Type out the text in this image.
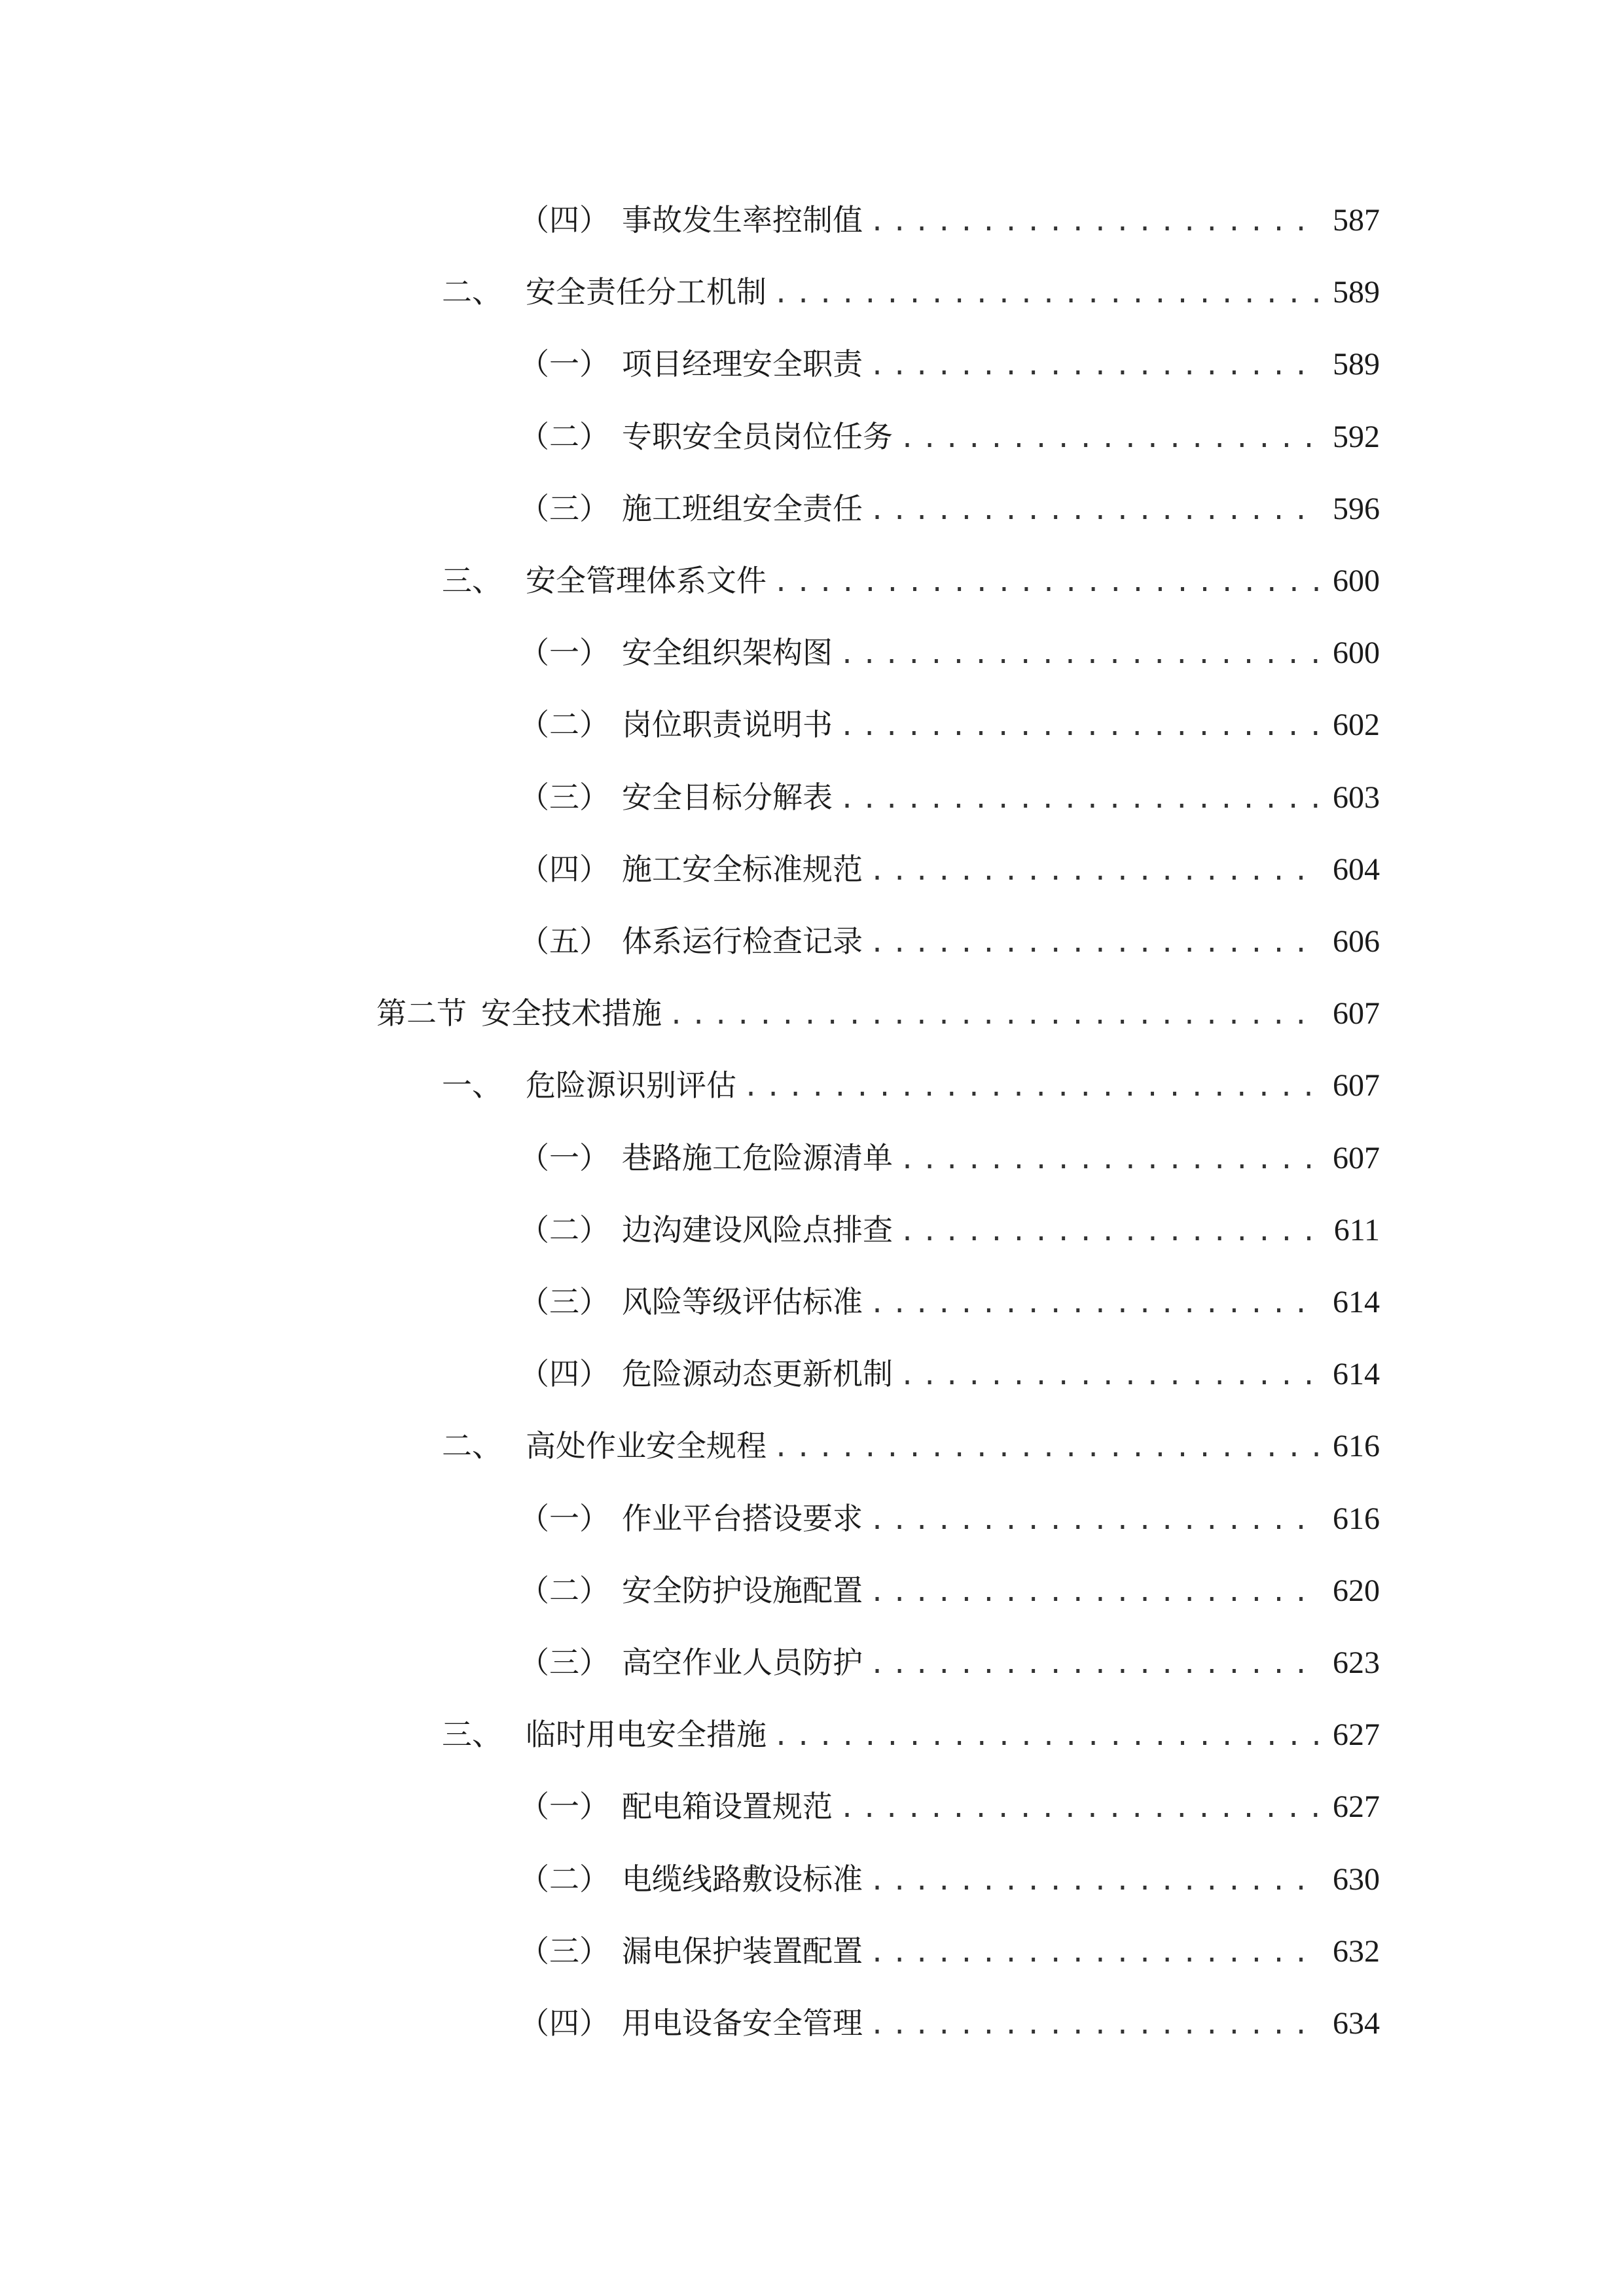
（四） 事故发生率控制值 .....	587
二、 安全责任分工机制 .....	589
（一） 项目经理安全职责 .....	589
（二） 专职安全员岗位任务 .....	592
（三） 施工班组安全责任 .....	596
三、 安全管理体系文件 .....	600
（一） 安全组织架构图 .....	600
（二） 岗位职责说明书 .....	602
（三） 安全目标分解表 .....	603
（四） 施工安全标准规范 .....	604
（五） 体系运行检查记录 .....	606
第二节 安全技术措施 .....	607
一、 危险源识别评估 .....	607
（一） 巷路施工危险源清单 .....	607
（二） 边沟建设风险点排查 .....	611
（三） 风险等级评估标准 .....	614
（四） 危险源动态更新机制 .....	614
二、 高处作业安全规程 .....	616
（一） 作业平台搭设要求 .....	616
（二） 安全防护设施配置 .....	620
（三） 高空作业人员防护 .....	623
三、 临时用电安全措施 .....	627
（一） 配电箱设置规范 .....	627
（二） 电缆线路敷设标准 .....	630
（三） 漏电保护装置配置 .....	632
（四） 用电设备安全管理 .....	634
